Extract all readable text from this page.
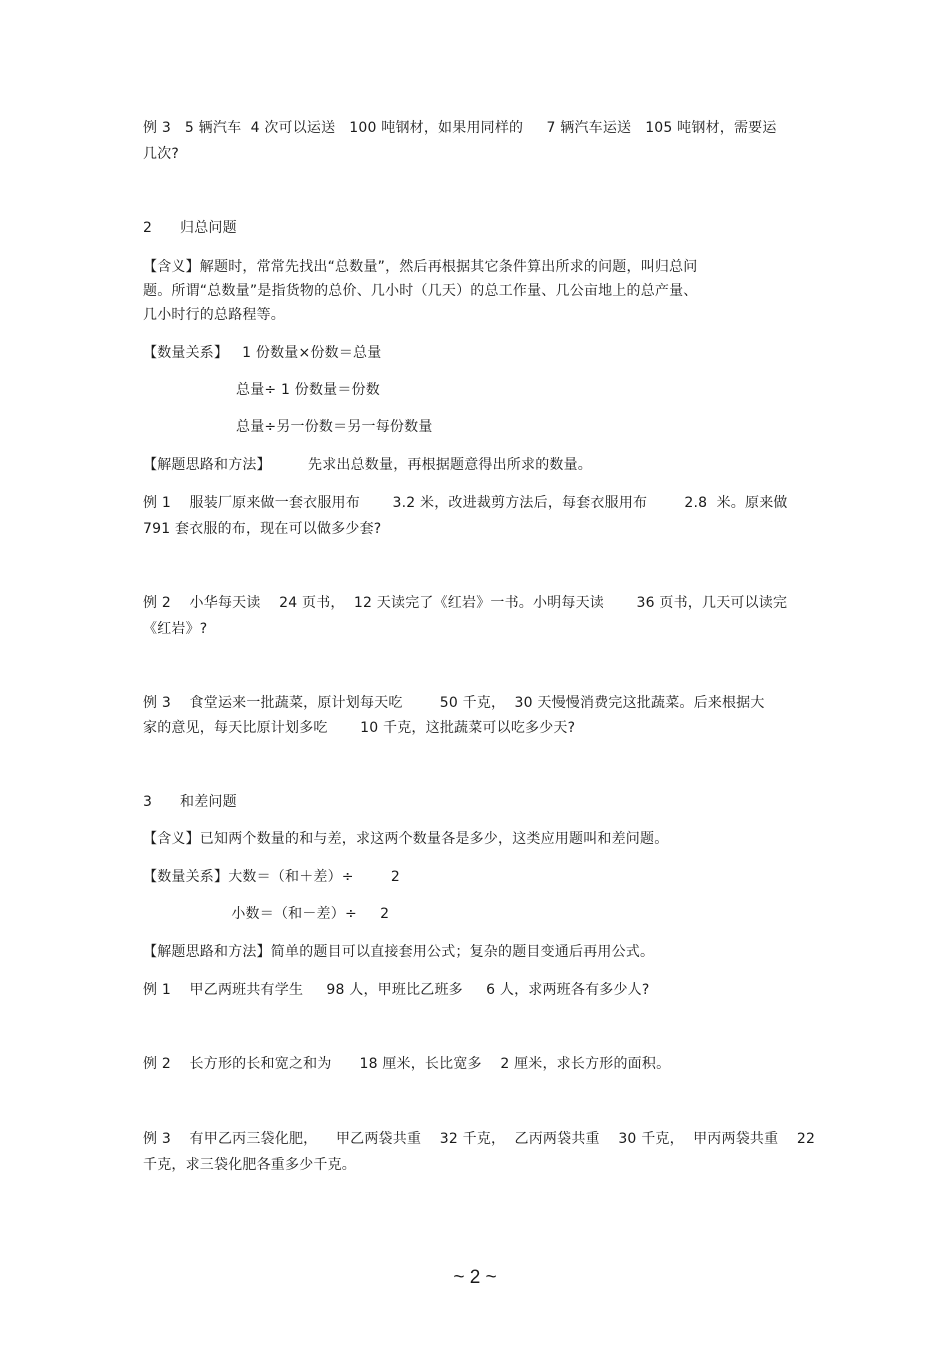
例 3   5 辆汽车  4 次可以运送   100 吨钢材，如果用同样的     7 辆汽车运送   105 吨钢材，需要运
几次?
2      归总问题
【含义】解题时，常常先找出“总数量”，然后再根据其它条件算出所求的问题，叫归总问
题。所谓“总数量”是指货物的总价、几小时（几天）的总工作量、几公亩地上的总产量、
几小时行的总路程等。
【数量关系】   1 份数量×份数＝总量
总量÷ 1 份数量＝份数
总量÷另一份数＝另一每份数量
【解题思路和方法】        先求出总数量，再根据题意得出所求的数量。
例 1    服装厂原来做一套衣服用布       3.2 米，改进裁剪方法后，每套衣服用布        2.8  米。原来做
791 套衣服的布，现在可以做多少套?
例 2    小华每天读    24 页书，  12 天读完了《红岩》一书。小明每天读       36 页书，几天可以读完
《红岩》?
例 3    食堂运来一批蔬菜，原计划每天吃        50 千克，  30 天慢慢消费完这批蔬菜。后来根据大
家的意见，每天比原计划多吃       10 千克，这批蔬菜可以吃多少天?
3      和差问题
【含义】已知两个数量的和与差，求这两个数量各是多少，这类应用题叫和差问题。
【数量关系】大数＝（和＋差）÷        2
小数＝（和－差）÷     2
【解题思路和方法】简单的题目可以直接套用公式；复杂的题目变通后再用公式。
例 1    甲乙两班共有学生     98 人，甲班比乙班多     6 人，求两班各有多少人?
例 2    长方形的长和宽之和为      18 厘米，长比宽多    2 厘米，求长方形的面积。
例 3    有甲乙丙三袋化肥，    甲乙两袋共重    32 千克，  乙丙两袋共重    30 千克，  甲丙两袋共重    22
千克，求三袋化肥各重多少千克。
~ 2 ~
